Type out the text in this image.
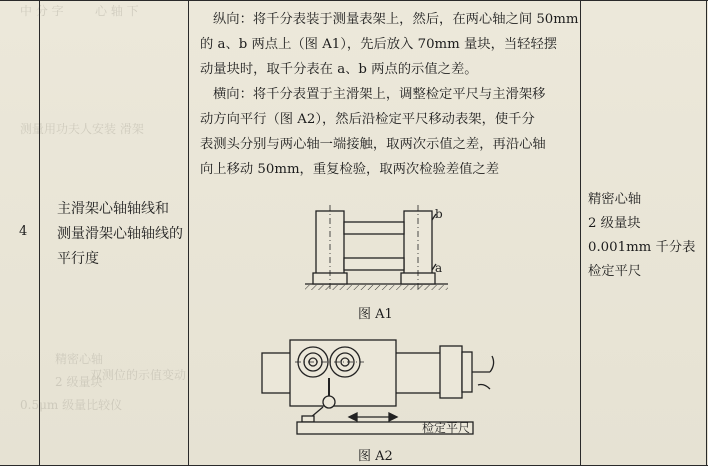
中 分 字	心 轴 下
测量用功夫人安装 滑架
精密心轴
2 级量块
0.5μm 级量比较仪
双测位的示值变动
4
主滑架心轴轴线和
测量滑架心轴轴线的
平行度
纵向：将千分表装于测量表架上，然后，在两心轴之间 50mm
的 a、b 两点上（图 A1），先后放入 70mm 量块，当轻轻摆
动量块时，取千分表在 a、b 两点的示值之差。
横向：将千分表置于主滑架上，调整检定平尺与主滑架移
动方向平行（图 A2），然后沿检定平尺移动表架，使千分
表测头分别与两心轴一端接触，取两次示值之差，再沿心轴
向上移动 50mm，重复检验，取两次检验差值之差
精密心轴
2 级量块
0.001mm 千分表
检定平尺
b
a
检定平尺
图 A1
图 A2
